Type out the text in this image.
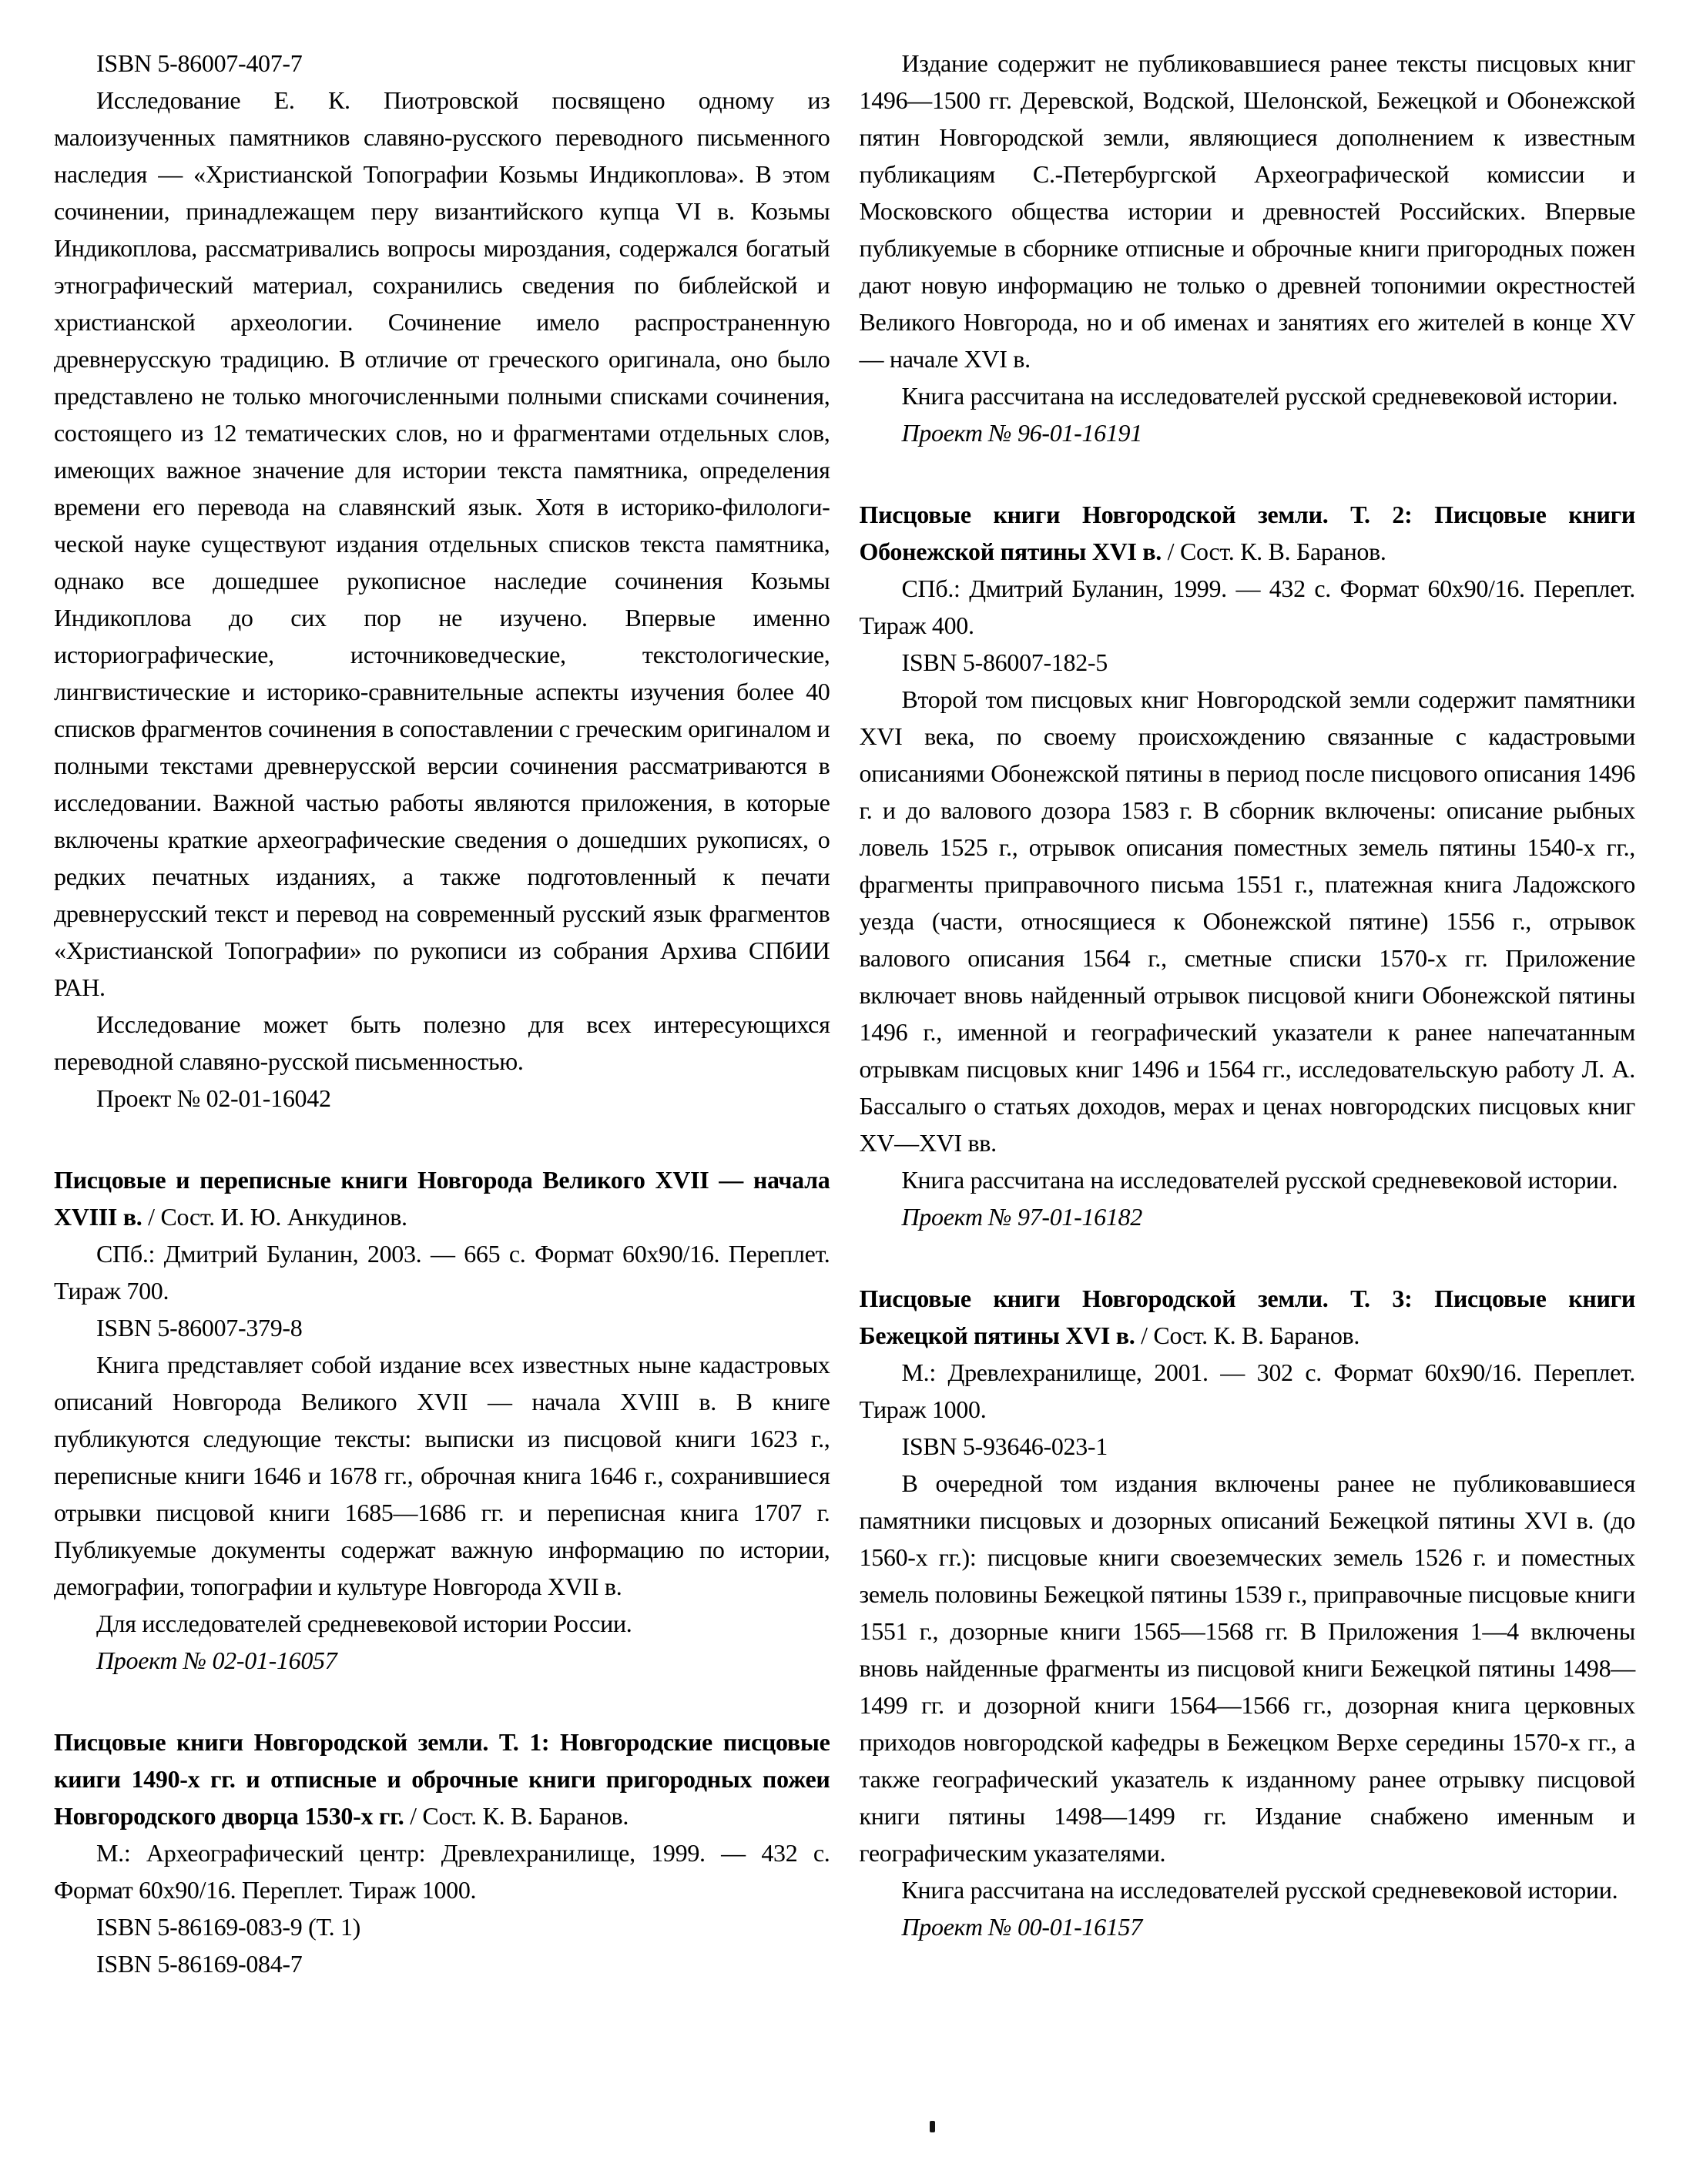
ISBN 5-86007-407-7
Исследование Е. К. Пиотровской посвящено одному из малоизученных памятников славяно-русского переводного письменного наследия — «Христианской Топографии Козьмы Индикоплова». В этом сочинении, принадлежащем перу византийского купца VI в. Козьмы Индикоплова, рассматривались вопросы мироздания, содержался богатый этнографический материал, сохранились сведения по библейской и христианской археологии. Сочинение имело распространенную древнерусскую традицию. В отличие от греческого оригинала, оно было представлено не только многочисленными полными списками сочинения, состоящего из 12 тематических слов, но и фрагментами отдельных слов, имеющих важное значение для истории текста памятника, определения времени его перевода на славянский язык. Хотя в историко-филологи-ческой науке существуют издания отдельных списков текста памятника, однако все дошедшее рукописное наследие сочинения Козьмы Индикоплова до сих пор не изучено. Впервые именно историографические, источниковедческие, текстологические, лингвистические и историко-сравнительные аспекты изучения более 40 списков фрагментов сочинения в сопоставлении с греческим оригиналом и полными текстами древнерусской версии сочинения рассматриваются в исследовании. Важной частью работы являются приложения, в которые включены краткие археографические сведения о дошедших рукописях, о редких печатных изданиях, а также подготовленный к печати древнерусский текст и перевод на современный русский язык фрагментов «Христианской Топографии» по рукописи из собрания Архива СПбИИ РАН.
Исследование может быть полезно для всех интересующихся переводной славяно-русской письменностью.
Проект № 02-01-16042
Писцовые и переписные книги Новгорода Великого XVII — начала XVIII в. / Сост. И. Ю. Анкудинов.
СПб.: Дмитрий Буланин, 2003. — 665 с. Формат 60x90/16. Переплет. Тираж 700.
ISBN 5-86007-379-8
Книга представляет собой издание всех известных ныне кадастровых описаний Новгорода Великого XVII — начала XVIII в. В книге публикуются следующие тексты: выписки из писцовой книги 1623 г., переписные книги 1646 и 1678 гг., оброчная книга 1646 г., сохранившиеся отрывки писцовой книги 1685—1686 гг. и переписная книга 1707 г. Публикуемые документы содержат важную информацию по истории, демографии, топографии и культуре Новгорода XVII в.
Для исследователей средневековой истории России.
Проект № 02-01-16057
Писцовые книги Новгородской земли. Т. 1: Новгородские писцовые кииги 1490-х гг. и отписные и оброчные книги пригородных пожеи Новгородского дворца 1530-х гг. / Сост. К. В. Баранов.
М.: Археографический центр: Древлехранилище, 1999. — 432 с. Формат 60x90/16. Переплет. Тираж 1000.
ISBN 5-86169-083-9 (Т. 1)
ISBN 5-86169-084-7
Издание содержит не публиковавшиеся ранее тексты писцовых книг 1496—1500 гг. Деревской, Водской, Шелонской, Бежецкой и Обонежской пятин Новгородской земли, являющиеся дополнением к известным публикациям С.-Петербургской Археографической комиссии и Московского общества истории и древностей Российских. Впервые публикуемые в сборнике отписные и оброчные книги пригородных пожен дают новую информацию не только о древней топонимии окрестностей Великого Новгорода, но и об именах и занятиях его жителей в конце XV — начале XVI в.
Книга рассчитана на исследователей русской средневековой истории.
Проект № 96-01-16191
Писцовые книги Новгородской земли. Т. 2: Писцовые книги Обонежской пятины XVI в. / Сост. К. В. Баранов.
СПб.: Дмитрий Буланин, 1999. — 432 с. Формат 60х90/16. Переплет. Тираж 400.
ISBN 5-86007-182-5
Второй том писцовых книг Новгородской земли содержит памятники XVI века, по своему происхождению связанные с кадастровыми описаниями Обонежской пятины в период после писцового описания 1496 г. и до валового дозора 1583 г. В сборник включены: описание рыбных ловель 1525 г., отрывок описания поместных земель пятины 1540-х гг., фрагменты приправочного письма 1551 г., платежная книга Ладожского уезда (части, относящиеся к Обонежской пятине) 1556 г., отрывок валового описания 1564 г., сметные списки 1570-х гг. Приложение включает вновь найденный отрывок писцовой книги Обонежской пятины 1496 г., именной и географический указатели к ранее напечатанным отрывкам писцовых книг 1496 и 1564 гг., исследовательскую работу Л. А. Бассалыго о статьях доходов, мерах и ценах новгородских писцовых книг XV—XVI вв.
Книга рассчитана на исследователей русской средневековой истории.
Проект № 97-01-16182
Писцовые книги Новгородской земли. Т. 3: Писцовые книги Бежецкой пятины XVI в. / Сост. К. В. Баранов.
М.: Древлехранилище, 2001. — 302 с. Формат 60х90/16. Переплет. Тираж 1000.
ISBN 5-93646-023-1
В очередной том издания включены ранее не публиковавшиеся памятники писцовых и дозорных описаний Бежецкой пятины XVI в. (до 1560-х гг.): писцовые книги своеземческих земель 1526 г. и поместных земель половины Бежецкой пятины 1539 г., приправочные писцовые книги 1551 г., дозорные книги 1565—1568 гг. В Приложения 1—4 включены вновь найденные фрагменты из писцовой книги Бежецкой пятины 1498—1499 гг. и дозорной книги 1564—1566 гг., дозорная книга церковных приходов новгородской кафедры в Бежецком Верхе середины 1570-х гг., а также географический указатель к изданному ранее отрывку писцовой книги пятины 1498—1499 гг. Издание снабжено именным и географическим указателями.
Книга рассчитана на исследователей русской средневековой истории.
Проект № 00-01-16157
